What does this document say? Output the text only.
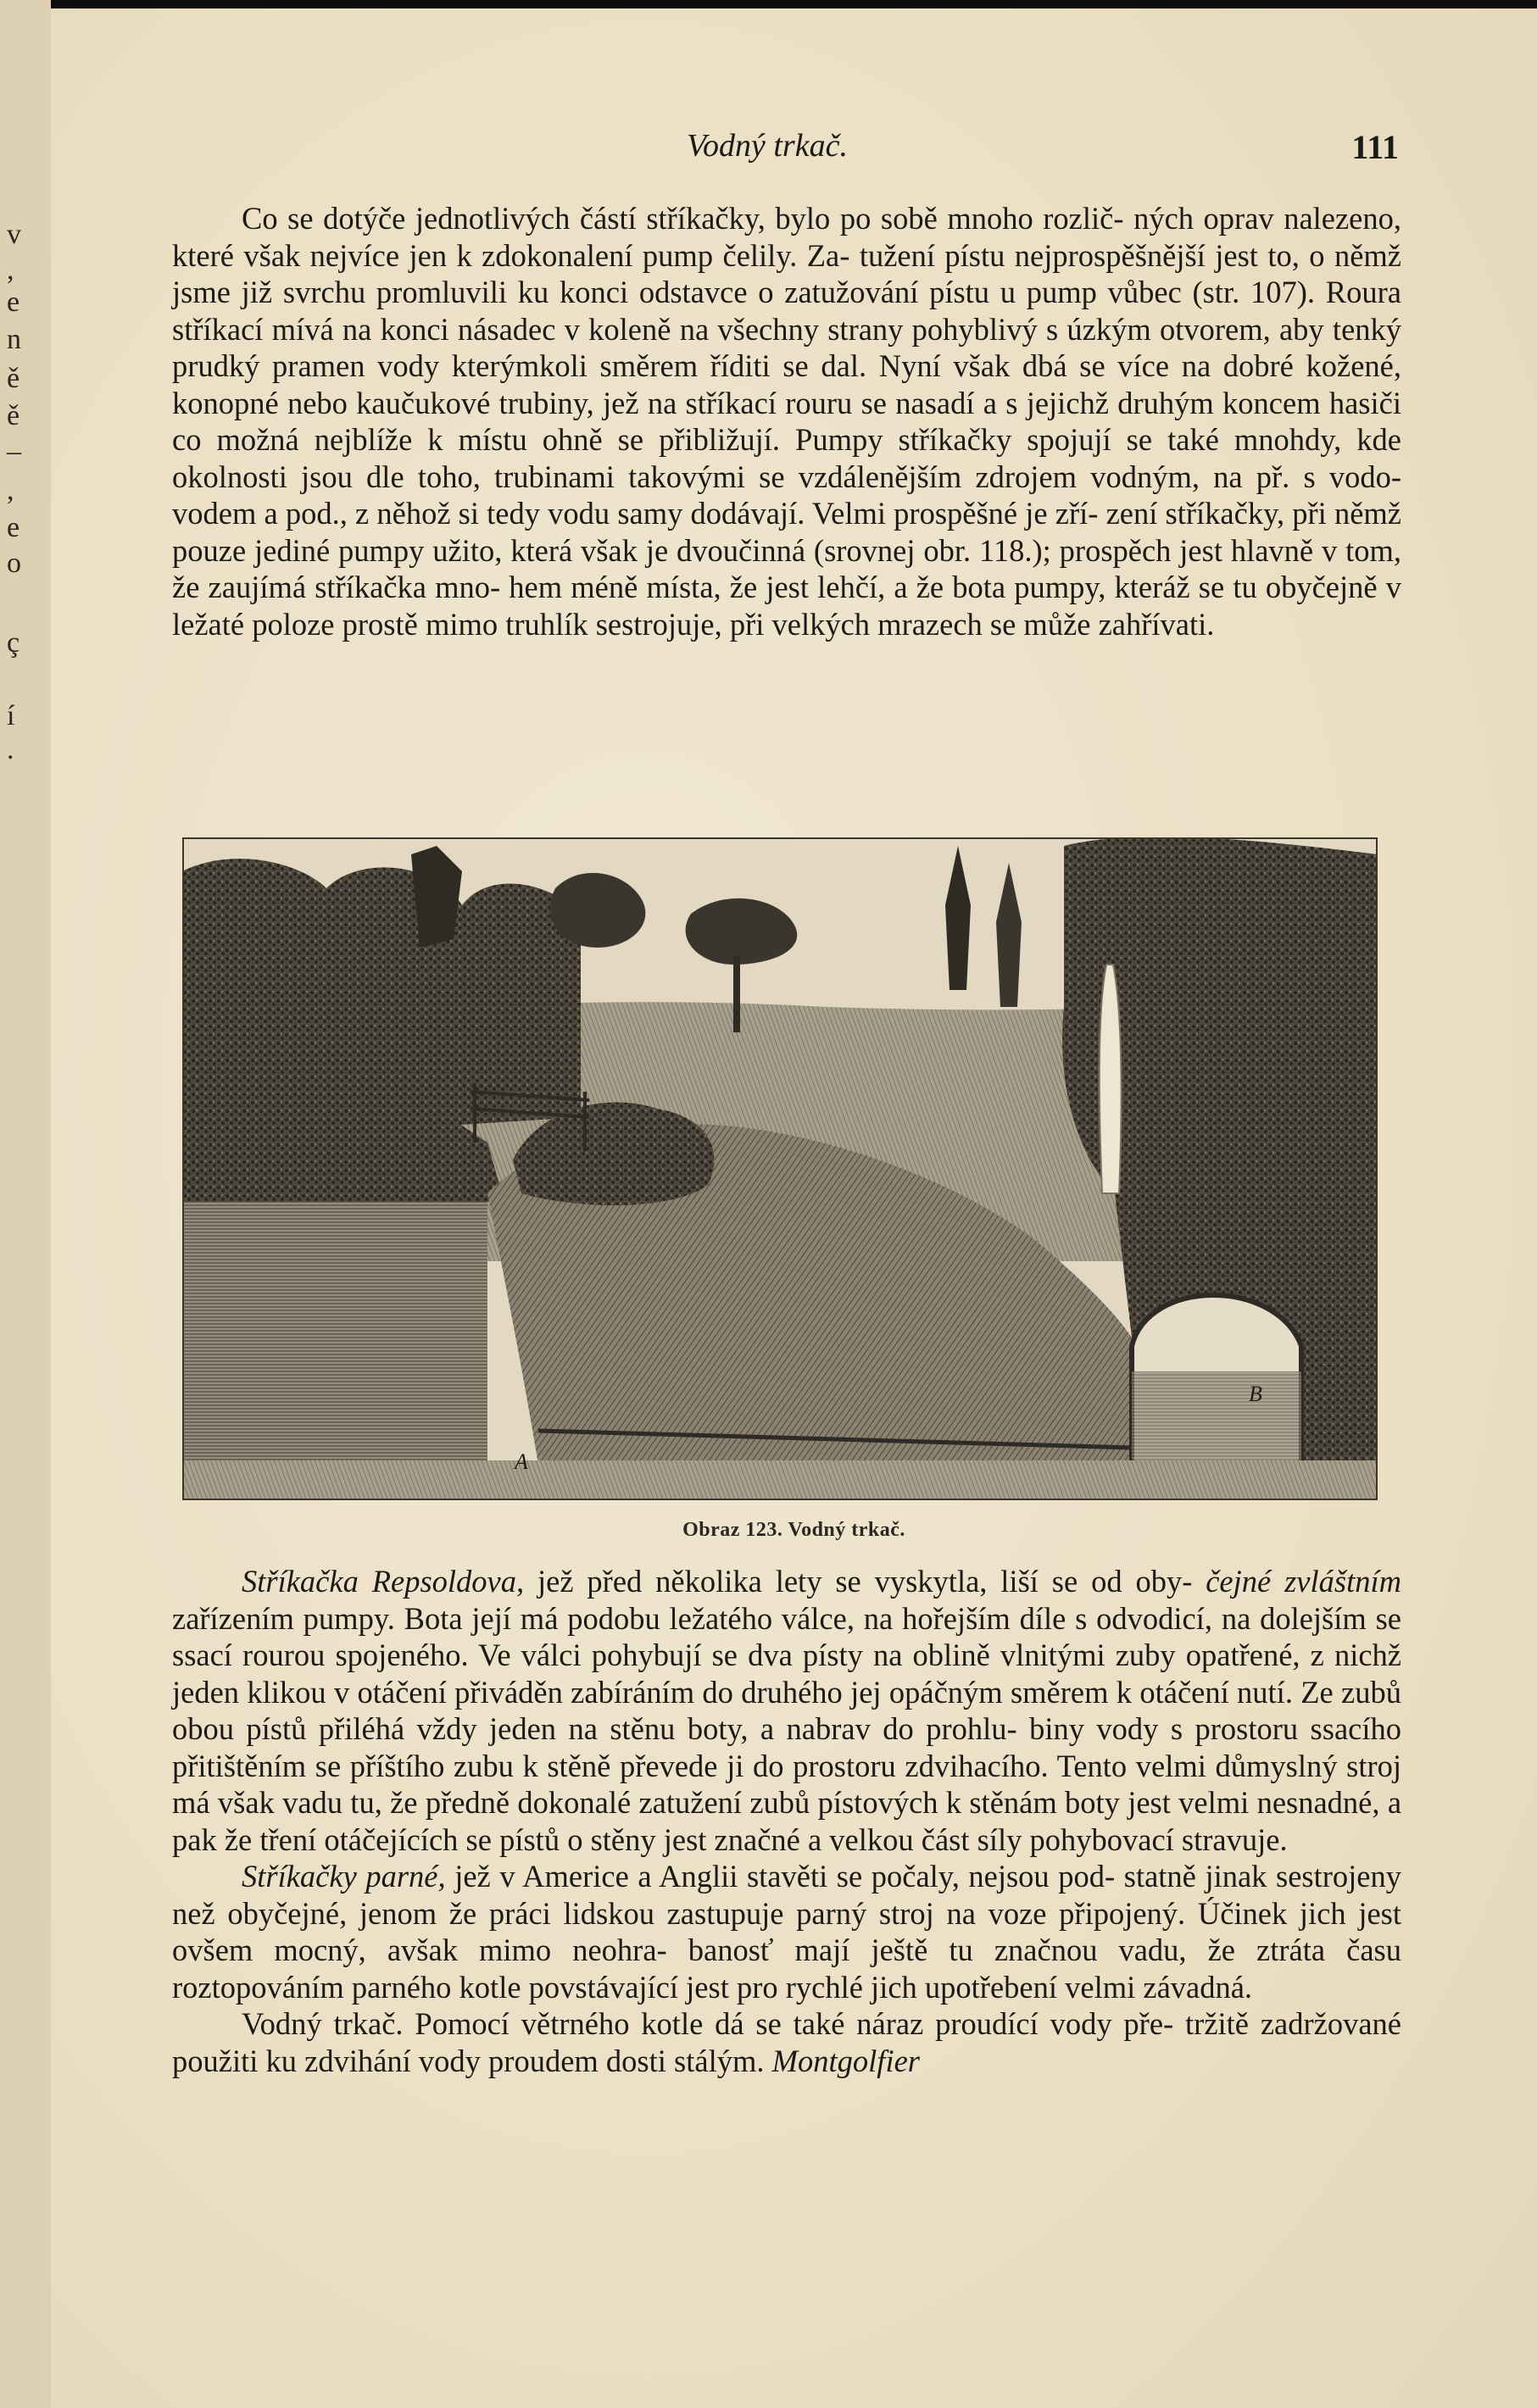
v
,
e
n
ě
ě
–
,
e
o
ç
í
.
Vodný trkač.	111

Co se dotýče jednotlivých částí stříkačky, bylo po sobě mnoho rozlič- ných oprav nalezeno, které však nejvíce jen k zdokonalení pump čelily. Za- tužení pístu nejprospěšnější jest to, o němž jsme již svrchu promluvili ku konci odstavce o zatužování pístu u pump vůbec (str. 107). Roura stříkací mívá na konci násadec v koleně na všechny strany pohyblivý s úzkým otvorem, aby tenký prudký pramen vody kterýmkoli směrem říditi se dal. Nyní však dbá se více na dobré kožené, konopné nebo kaučukové trubiny, jež na stříkací rouru se nasadí a s jejichž druhým koncem hasiči co možná nejblíže k místu ohně se přibližují. Pumpy stříkačky spojují se také mnohdy, kde okolnosti jsou dle toho, trubinami takovými se vzdálenějším zdrojem vodným, na př. s vodo- vodem a pod., z něhož si tedy vodu samy dodávají. Velmi prospěšné je zří- zení stříkačky, při němž pouze jediné pumpy užito, která však je dvoučinná (srovnej obr. 118.); prospěch jest hlavně v tom, že zaujímá stříkačka mno- hem méně místa, že jest lehčí, a že bota pumpy, kteráž se tu obyčejně v ležaté poloze prostě mimo truhlík sestrojuje, při velkých mrazech se může zahřívati.

A
B
Obraz 123. Vodný trkač.

Stříkačka Repsoldova, jež před několika lety se vyskytla, liší se od oby- čejné zvláštním zařízením pumpy. Bota její má podobu ležatého válce, na hořejším díle s odvodicí, na dolejším se ssací rourou spojeného. Ve válci pohybují se dva písty na oblině vlnitými zuby opatřené, z nichž jeden klikou v otáčení přiváděn zabíráním do druhého jej opáčným směrem k otáčení nutí. Ze zubů obou pístů přiléhá vždy jeden na stěnu boty, a nabrav do prohlu- biny vody s prostoru ssacího přitištěním se příštího zubu k stěně převede ji do prostoru zdvihacího. Tento velmi důmyslný stroj má však vadu tu, že předně dokonalé zatužení zubů pístových k stěnám boty jest velmi nesnadné, a pak že tření otáčejících se pístů o stěny jest značné a velkou část síly pohybovací stravuje.

Stříkačky parné, jež v Americe a Anglii stavěti se počaly, nejsou pod- statně jinak sestrojeny než obyčejné, jenom že práci lidskou zastupuje parný stroj na voze připojený. Účinek jich jest ovšem mocný, avšak mimo neohra- banosť mají ještě tu značnou vadu, že ztráta času roztopováním parného kotle povstávající jest pro rychlé jich upotřebení velmi závadná.

Vodný trkač. Pomocí větrného kotle dá se také náraz proudící vody pře- tržitě zadržované použiti ku zdvihání vody proudem dosti stálým. Montgolfier
